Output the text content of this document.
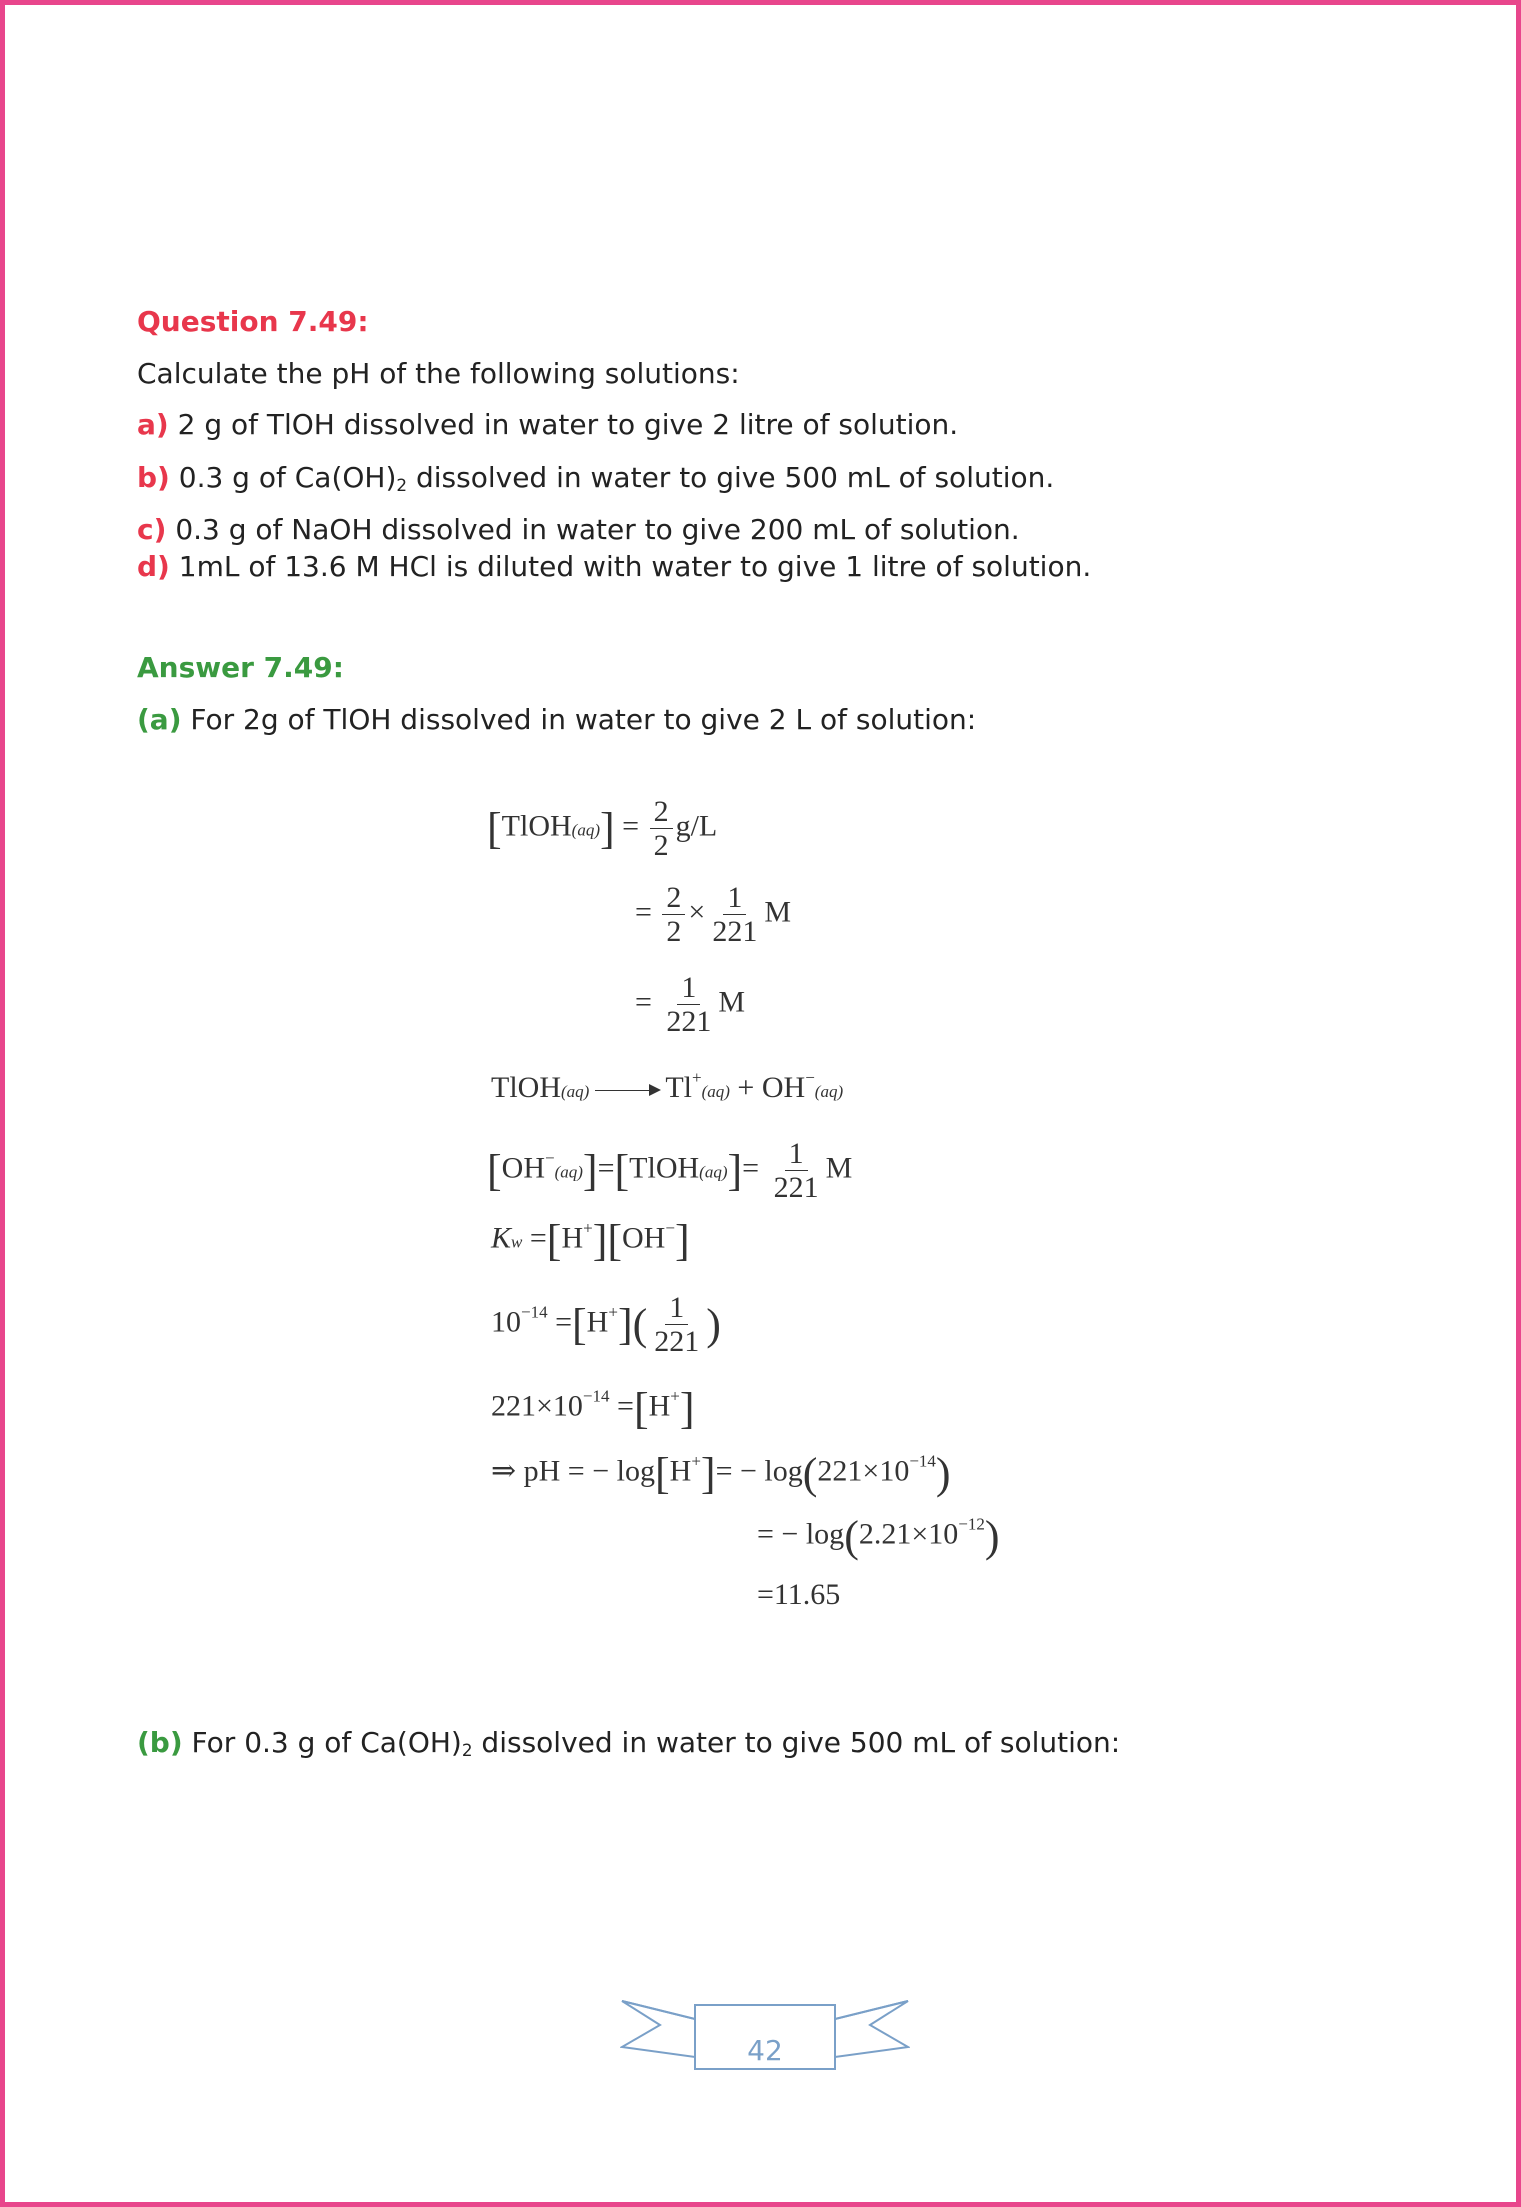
Question 7.49:
Calculate the pH of the following solutions:
a) 2 g of TlOH dissolved in water to give 2 litre of solution.
b) 0.3 g of $Ca(OH)_2$ dissolved in water to give 500 mL of solution.
c) 0.3 g of NaOH dissolved in water to give 200 mL of solution.
d) 1mL of 13.6 M HCl is diluted with water to give 1 litre of solution.
Answer 7.49:
(a) For 2g of TlOH dissolved in water to give 2 L of solution:
[TlOH(aq)] = $\frac{2}{2} g/L$
= $\frac{2}{2} \times \frac{1}{221}$ M
= $\frac{1}{221}$ M
TlOH(aq) → Tl+(aq) + OH−(aq)
[OH−(aq)]=[TlOH(aq)]= $\frac{1}{221}$ M
Kw =[H+][OH−]
$10^{-14} =[H^+]( \frac{1}{221}$ )
$221\times 10^{-14} =[H^+]$
⇒ pH = − $\log[H^+]= - \log(221\times 10^{-14})$
= − $\log(2.21\times 10^{-12})$
=11.65
(b) For 0.3 g of $Ca(OH)_2$ dissolved in water to give 500 mL of solution:
42
